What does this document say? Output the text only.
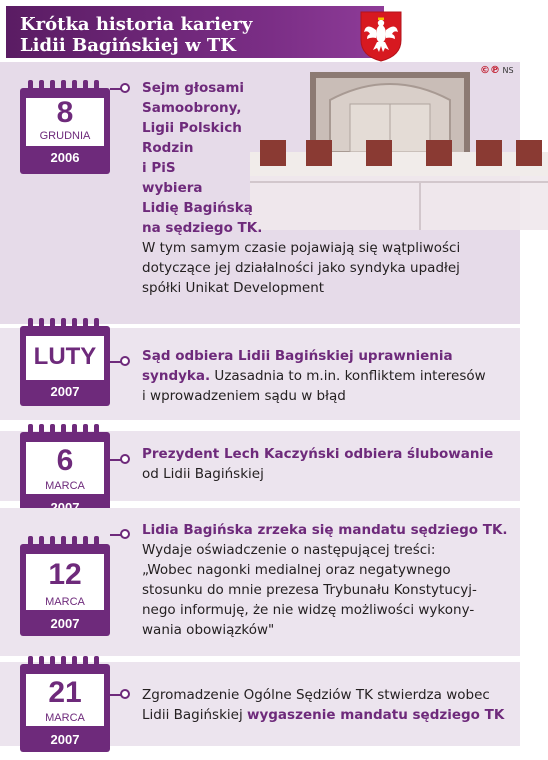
Krótka historia kariery
Lidii Bagińskiej w TK
©℗ NS
8
GRUDNIA
2006
Sejm głosami
Samoobrony,
Ligii Polskich
Rodzin
i PiS
wybiera
Lidię Bagińską
na sędziego TK.
W tym samym czasie pojawiają się wątpliwości
dotyczące jej działalności jako syndyka upadłej
spółki Unikat Development
LUTY
2007
Sąd odbiera Lidii Bagińskiej uprawnienia
syndyka. Uzasadnia to m.in. konfliktem interesów
i wprowadzeniem sądu w błąd
6
MARCA
Prezydent Lech Kaczyński odbiera ślubowanie
od Lidii Bagińskiej
12
MARCA
2007
Lidia Bagińska zrzeka się mandatu sędziego TK.
Wydaje oświadczenie o następującej treści:
„Wobec nagonki medialnej oraz negatywnego
stosunku do mnie prezesa Trybunału Konstytucyj-
nego informuję, że nie widzę możliwości wykony-
wania obowiązków"
21
MARCA
2007
Zgromadzenie Ogólne Sędziów TK stwierdza wobec
Lidii Bagińskiej wygaszenie mandatu sędziego TK
